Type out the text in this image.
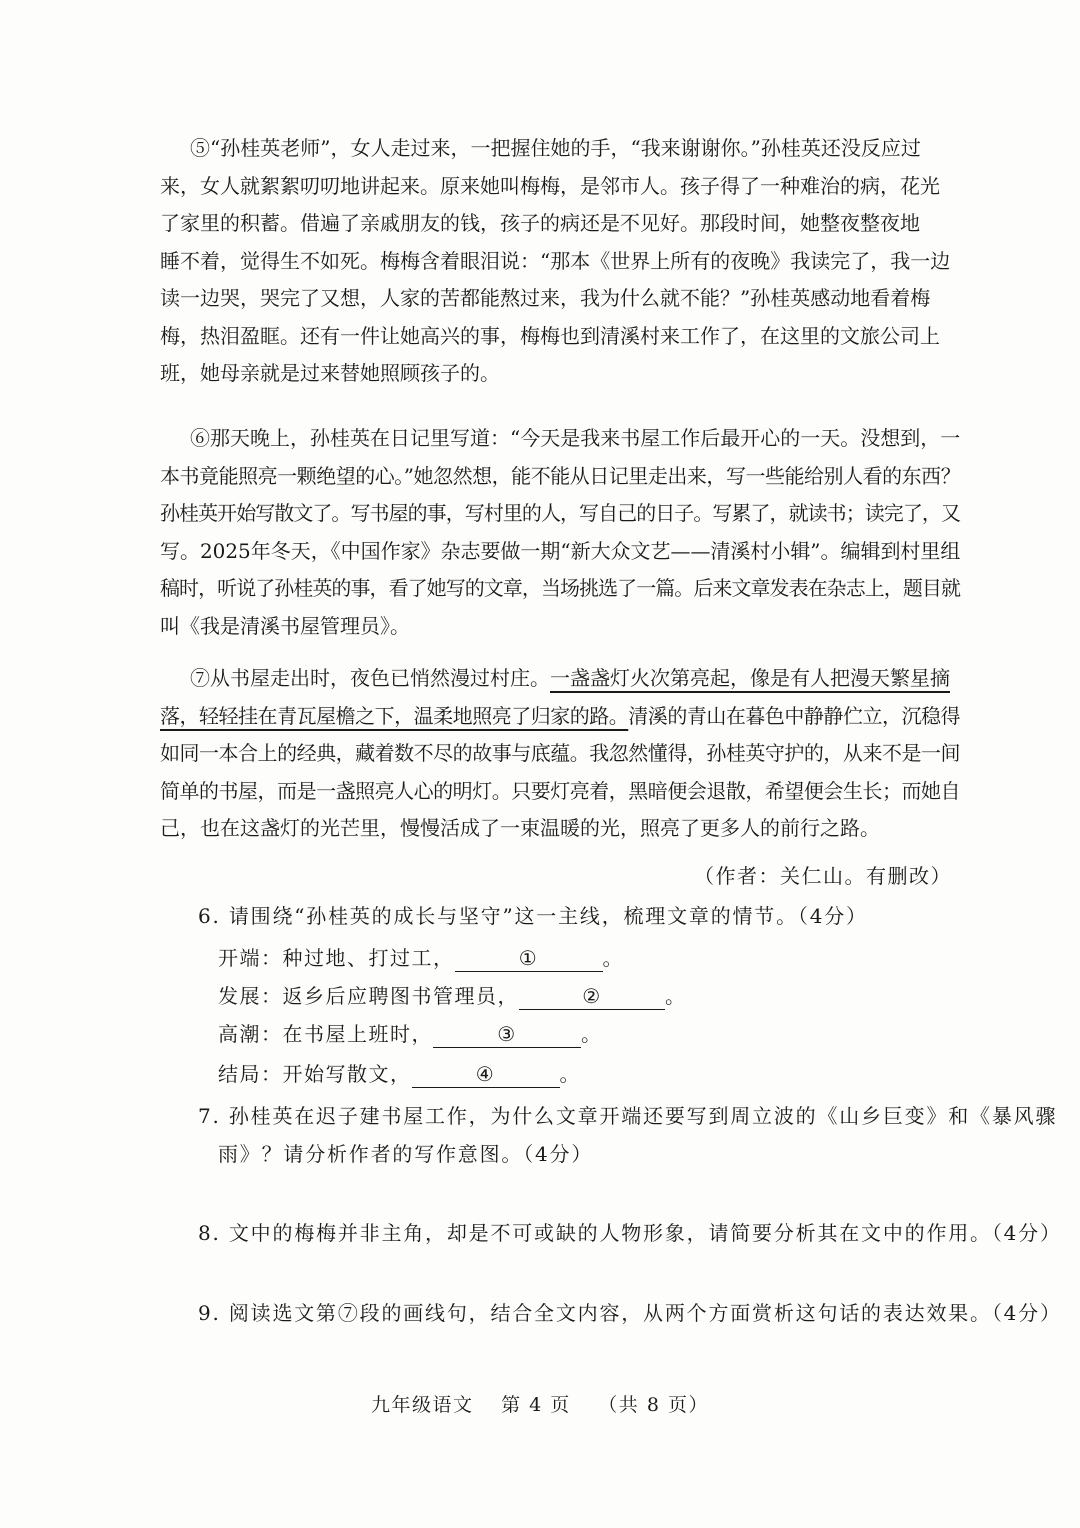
⑤“孙桂英老师”，女人走过来，一把握住她的手，“我来谢谢你。”孙桂英还没反应过
来，女人就絮絮叨叨地讲起来。原来她叫梅梅，是邻市人。孩子得了一种难治的病，花光
了家里的积蓄。借遍了亲戚朋友的钱，孩子的病还是不见好。那段时间，她整夜整夜地
睡不着，觉得生不如死。梅梅含着眼泪说：“那本《世界上所有的夜晚》我读完了，我一边
读一边哭，哭完了又想，人家的苦都能熬过来，我为什么就不能？”孙桂英感动地看着梅
梅，热泪盈眶。还有一件让她高兴的事，梅梅也到清溪村来工作了，在这里的文旅公司上
班，她母亲就是过来替她照顾孩子的。
⑥那天晚上，孙桂英在日记里写道：“今天是我来书屋工作后最开心的一天。没想到，一
本书竟能照亮一颗绝望的心。”她忽然想，能不能从日记里走出来，写一些能给别人看的东西？
孙桂英开始写散文了。写书屋的事，写村里的人，写自己的日子。写累了，就读书；读完了，又
写。2025年冬天，《中国作家》杂志要做一期“新大众文艺——清溪村小辑”。编辑到村里组
稿时，听说了孙桂英的事，看了她写的文章，当场挑选了一篇。后来文章发表在杂志上，题目就
叫《我是清溪书屋管理员》。
⑦从书屋走出时，夜色已悄然漫过村庄。一盏盏灯火次第亮起，像是有人把漫天繁星摘
落，轻轻挂在青瓦屋檐之下，温柔地照亮了归家的路。清溪的青山在暮色中静静伫立，沉稳得
如同一本合上的经典，藏着数不尽的故事与底蕴。我忽然懂得，孙桂英守护的，从来不是一间
简单的书屋，而是一盏照亮人心的明灯。只要灯亮着，黑暗便会退散，希望便会生长；而她自
己，也在这盏灯的光芒里，慢慢活成了一束温暖的光，照亮了更多人的前行之路。
（作者：关仁山。有删改）
6. 请围绕“孙桂英的成长与坚守”这一主线，梳理文章的情节。（4分）
开端：种过地、打过工，	①	。
发展：返乡后应聘图书管理员，	②	。
高潮：在书屋上班时，	③	。
结局：开始写散文，	④	。
7. 孙桂英在迟子建书屋工作，为什么文章开端还要写到周立波的《山乡巨变》和《暴风骤
雨》？请分析作者的写作意图。（4分）
8. 文中的梅梅并非主角，却是不可或缺的人物形象，请简要分析其在文中的作用。（4分）
9. 阅读选文第⑦段的画线句，结合全文内容，从两个方面赏析这句话的表达效果。（4分）
九年级语文 第 4 页 （共 8 页）
